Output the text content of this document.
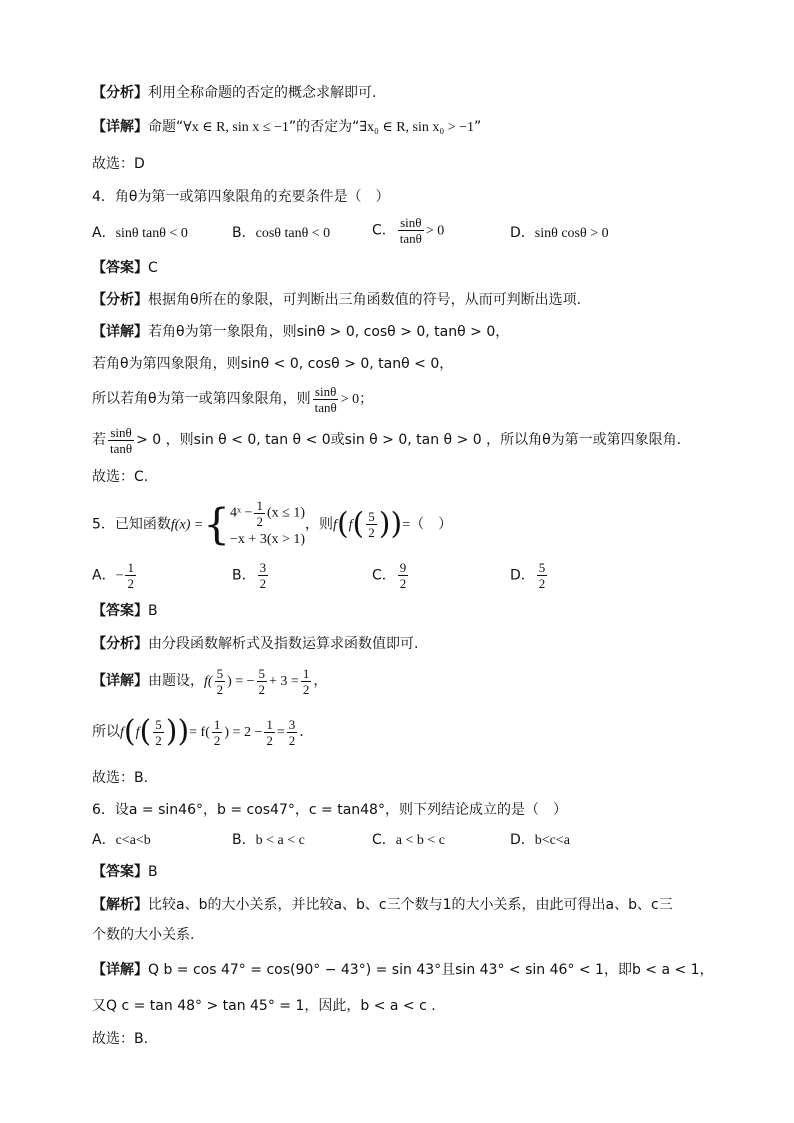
【分析】利用全称命题的否定的概念求解即可.
【详解】命题“∀x ∈ R, sin x ≤ −1”的否定为“∃x₀ ∈ R, sin x₀ > −1”
故选：D
4．角θ为第一或第四象限角的充要条件是（　）
A．sinθ tanθ < 0	B．cosθ tanθ < 0	C． $\frac{\sin\theta}{\tan\theta} > 0$	D．sinθ cosθ > 0
【答案】C
【分析】根据角θ所在的象限，可判断出三角函数值的符号，从而可判断出选项.
【详解】若角θ为第一象限角，则sinθ > 0, cosθ > 0, tanθ > 0，
若角θ为第四象限角，则sinθ < 0, cosθ > 0, tanθ < 0，
所以若角θ为第一或第四象限角，则 $\frac{\sin\theta}{\tan\theta} > 0$；
若 $\frac{\sin\theta}{\tan\theta} > 0$ ，则sin θ < 0, tan θ < 0或sin θ > 0, tan θ > 0 ，所以角θ为第一或第四象限角.
故选：C.
5．已知函数f(x) ={ 4ˣ − $\frac{1}{2} (x \le 1)$
−x + 3(x > 1)
，则$f(f( \frac{5}{2}$ ))=（　）
A．− $\frac{1}{2}$	B． $\frac{3}{2}$	C． $\frac{9}{2}$	D． $\frac{5}{2}$
【答案】B
【分析】由分段函数解析式及指数运算求函数值即可.
【详解】由题设，$f( \frac{5}{2}$ ) = − $\frac{5}{2} + 3 = \frac{1}{2}$ ，
所以$f(f( \frac{5}{2}$ ))= $f( \frac{1}{2}$ ) = $2 - \frac{1}{2} = \frac{3}{2}$ .
故选：B.
6．设a = sin46°，b = cos47°，c = tan48°，则下列结论成立的是（　）
A．c<a<b	B．b < a < c	C．a < b < c	D．b<c<a
【答案】B
【解析】比较a、b的大小关系，并比较a、b、c三个数与1的大小关系，由此可得出a、b、c三
个数的大小关系.
【详解】Q b = cos 47° = cos(90° − 43°) = sin 43°且sin 43° < sin 46° < 1，即b < a < 1，
又Q c = tan 48° > tan 45° = 1，因此，b < a < c .
故选：B.
